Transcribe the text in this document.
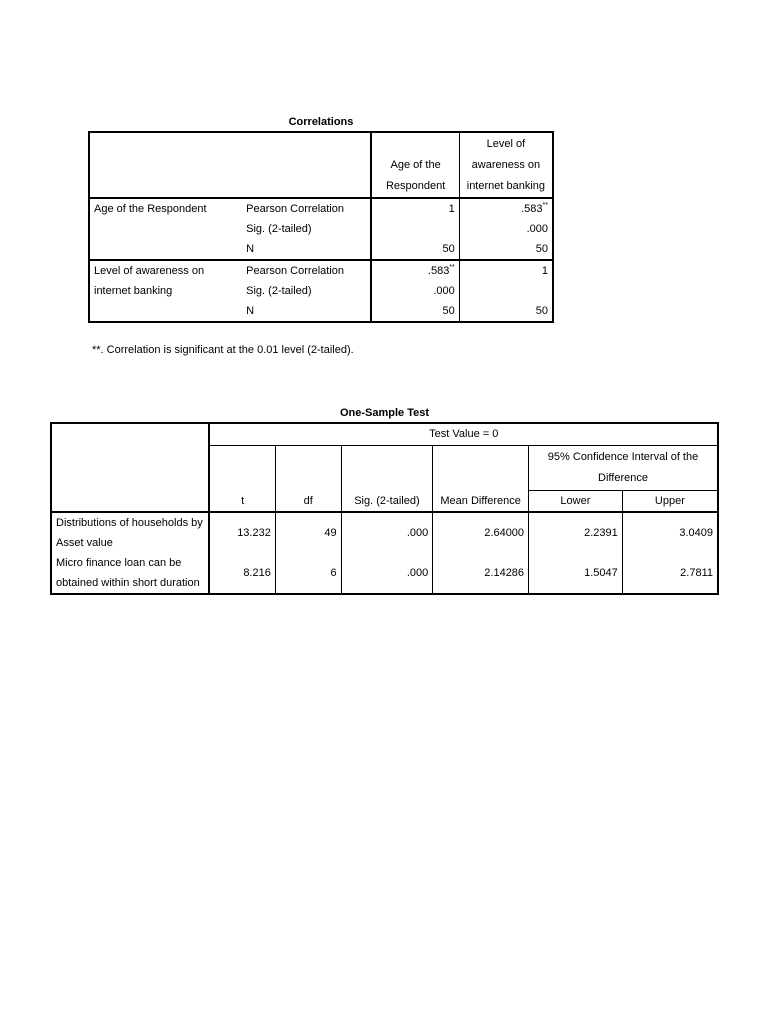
Correlations
		Age of the Respondent	Level of awareness on internet banking
Age of the Respondent	Pearson Correlation	1	.583**
	Sig. (2-tailed)		.000
	N	50	50
Level of awareness on internet banking	Pearson Correlation	.583**	1
	Sig. (2-tailed)	.000	
	N	50	50
**. Correlation is significant at the 0.01 level (2-tailed).
One-Sample Test
	Test Value = 0					
	t	df	Sig. (2-tailed)	Mean Difference	95% Confidence Interval of the Difference	
					Lower	Upper
Distributions of households by Asset value	13.232	49	.000	2.64000	2.2391	3.0409
Micro finance loan can be obtained within short duration	8.216	6	.000	2.14286	1.5047	2.7811
